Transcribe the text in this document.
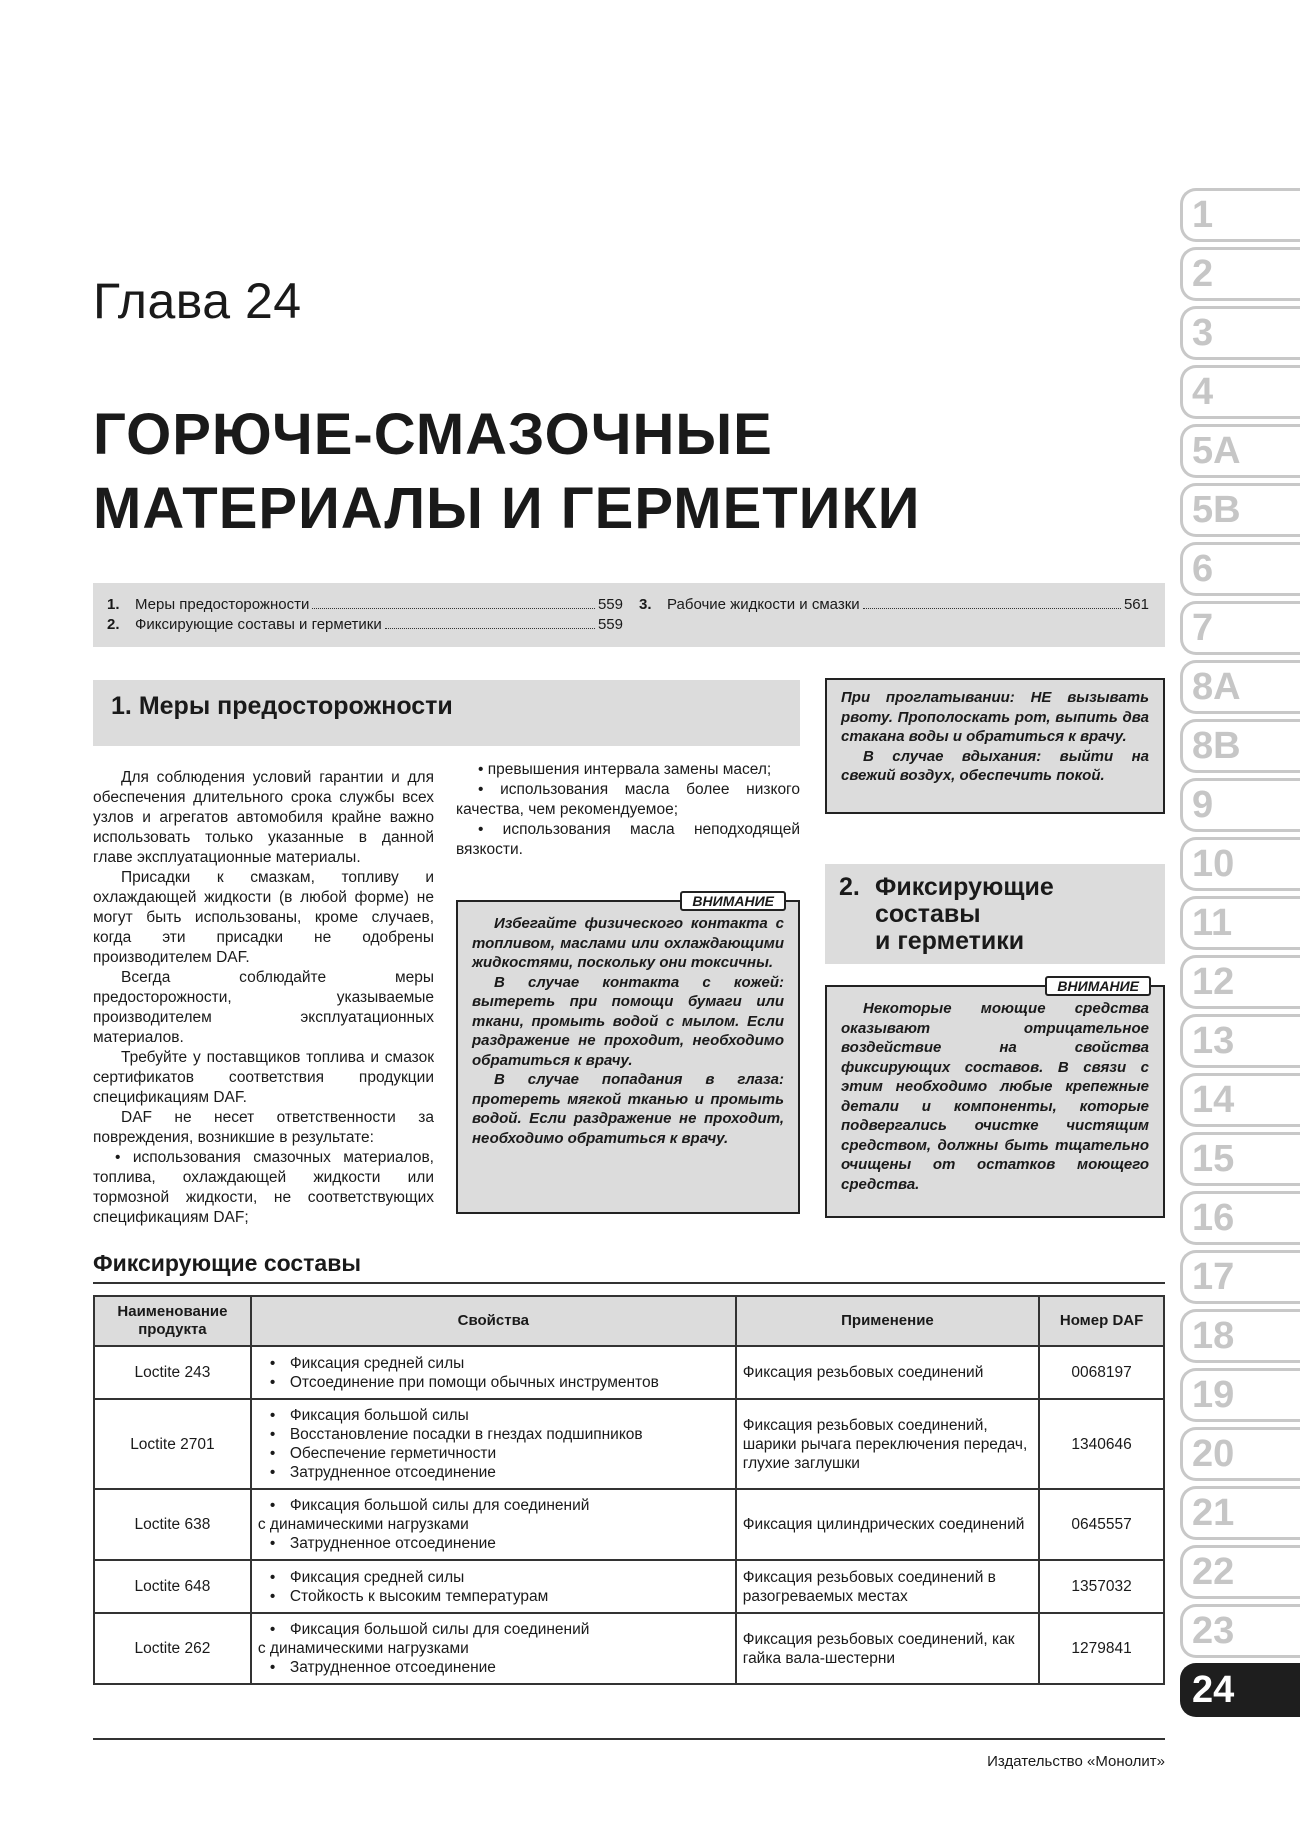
Глава 24
ГОРЮЧЕ-СМАЗОЧНЫЕ
МАТЕРИАЛЫ И ГЕРМЕТИКИ
1.	Меры предосторожности	559
2.	Фиксирующие составы и герметики	559
3.	Рабочие жидкости и смазки	561
1. Меры предосторожности

Для соблюдения условий гарантии и для обеспечения длительного срока службы всех узлов и агрегатов автомобиля крайне важно использовать только указанные в данной главе эксплуатационные материалы.

Присадки к смазкам, топливу и охлаждающей жидкости (в любой форме) не могут быть использованы, кроме случаев, когда эти присадки не одобрены производителем DAF.

Всегда соблюдайте меры предосторожности, указываемые производителем эксплуатационных материалов.

Требуйте у поставщиков топлива и смазок сертификатов соответствия продукции спецификациям DAF.

DAF не несет ответственности за повреждения, возникшие в результате:

• использования смазочных материалов, топлива, охлаждающей жидкости или тормозной жидкости, не соответствующих спецификациям DAF;

• превышения интервала замены масел;

• использования масла более низкого качества, чем рекомендуемое;

• использования масла неподходящей вязкости.

ВНИМАНИЕ

Избегайте физического контакта с топливом, маслами или охлаждающими жидкостями, поскольку они токсичны.

В случае контакта с кожей: вытереть при помощи бумаги или ткани, промыть водой с мылом. Если раздражение не проходит, необходимо обратиться к врачу.

В случае попадания в глаза: протереть мягкой тканью и промыть водой. Если раздражение не проходит, необходимо обратиться к врачу.

При проглатывании: НЕ вызывать рвоту. Прополоскать рот, выпить два стакана воды и обратиться к врачу.

В случае вдыхания: выйти на свежий воздух, обеспечить покой.

2. Фиксирующие
составы
и герметики
ВНИМАНИЕ

Некоторые моющие средства оказывают отрицательное воздействие на свойства фиксирующих составов. В связи с этим необходимо любые крепежные детали и компоненты, которые подвергались очистке чистящим средством, должны быть тщательно очищены от остатков моющего средства.

Фиксирующие составы
Наименование
продукта	Свойства	Применение	Номер DAF
Loctite 243	• Фиксация средней силы
• Отсоединение при помощи обычных инструментов	Фиксация резьбовых соединений	0068197
Loctite 2701	• Фиксация большой силы
• Восстановление посадки в гнездах подшипников
• Обеспечение герметичности
• Затрудненное отсоединение	Фиксация резьбовых соединений, шарики рычага переключения передач, глухие заглушки	1340646
Loctite 638	• Фиксация большой силы для соединений
с динамическими нагрузками
• Затрудненное отсоединение	Фиксация цилиндрических соединений	0645557
Loctite 648	• Фиксация средней силы
• Стойкость к высоким температурам	Фиксация резьбовых соединений в разогреваемых местах	1357032
Loctite 262	• Фиксация большой силы для соединений
с динамическими нагрузками
• Затрудненное отсоединение	Фиксация резьбовых соединений, как гайка вала-шестерни	1279841
Издательство «Монолит»
1
2
3
4
5A
5B
6
7
8A
8B
9
10
11
12
13
14
15
16
17
18
19
20
21
22
23
24
